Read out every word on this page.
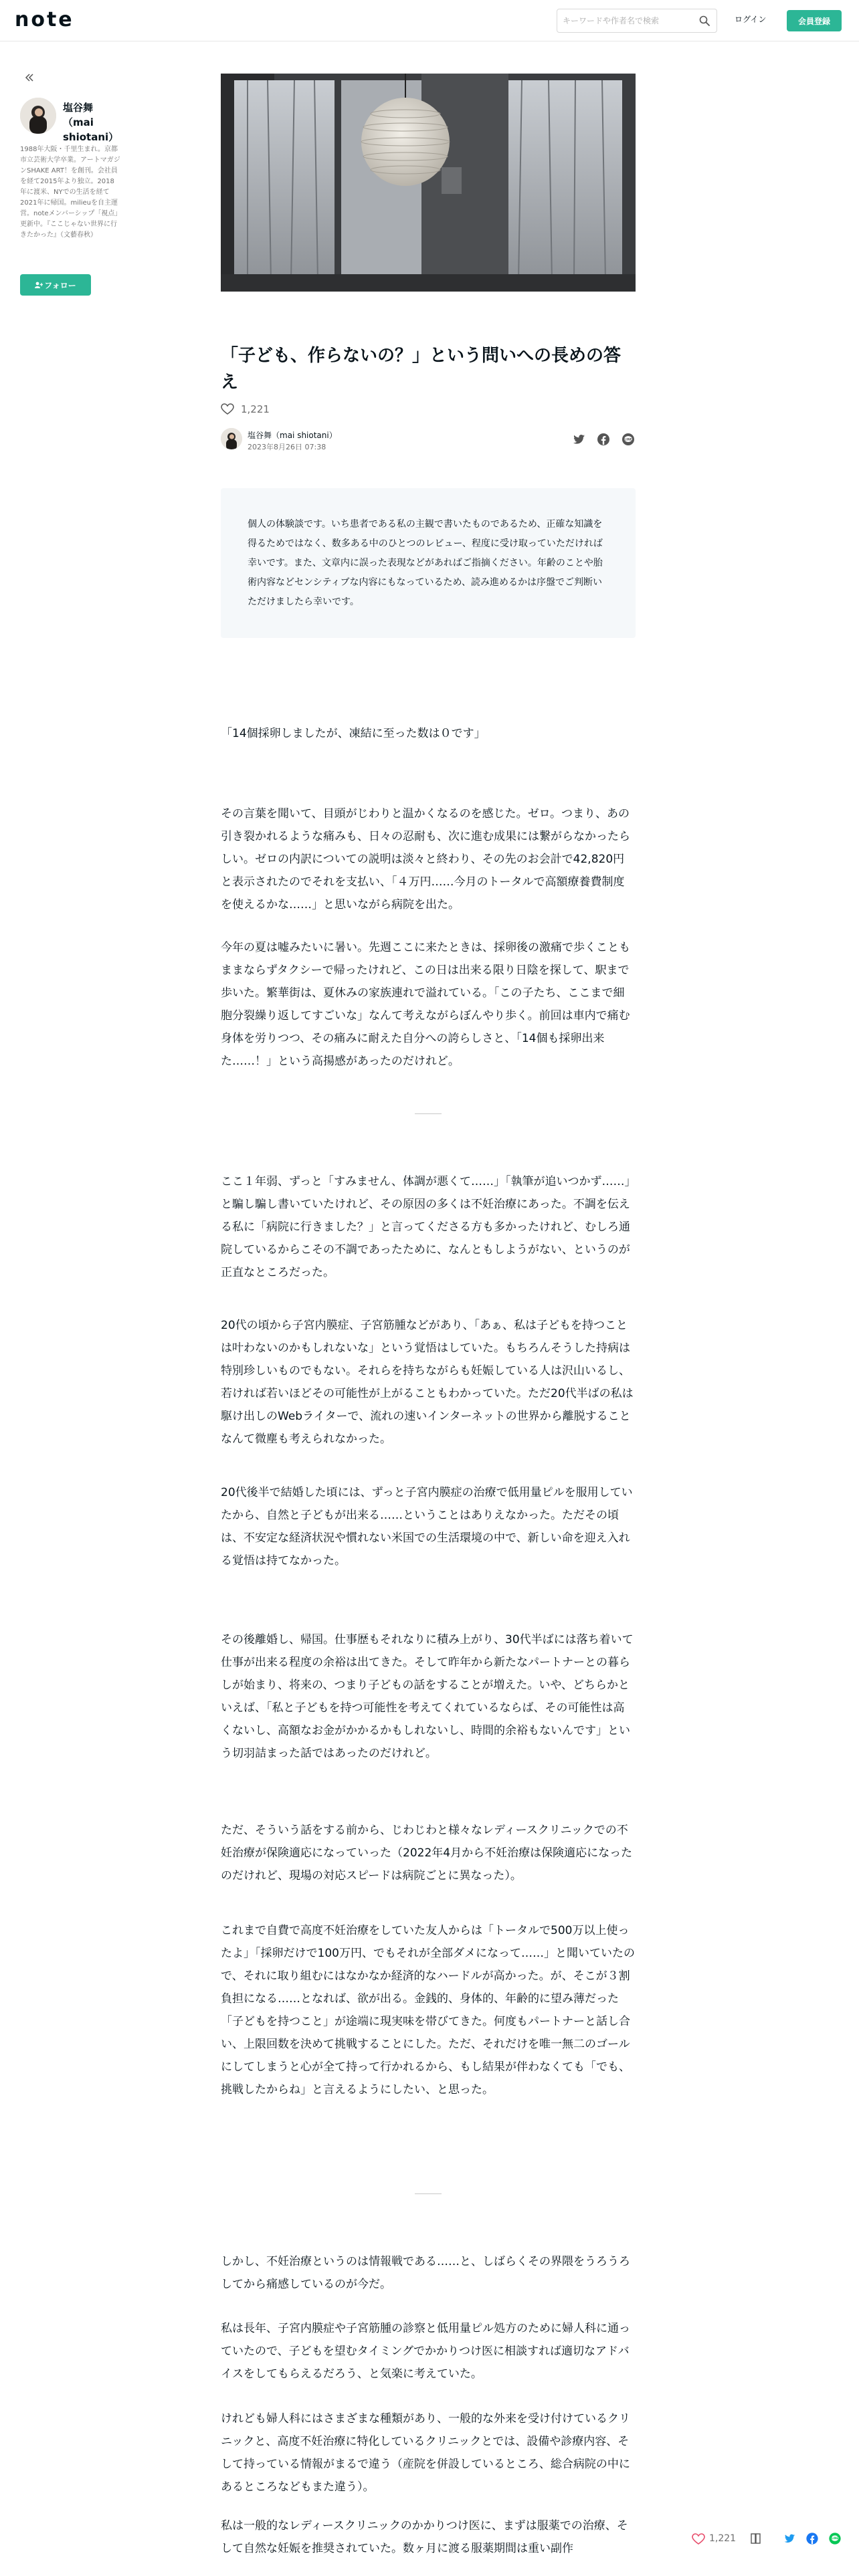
note
キーワードや作者名で検索	ログイン	会員登録
塩谷舞（mai shiotani）
1988年大阪・千里生まれ。京都市立芸術大学卒業。アートマガジンSHAKE ART！を創刊。会社員を経て2015年より独立。2018年に渡米、NYでの生活を経て2021年に帰国。milieuを自主運営。noteメンバーシップ「視点」更新中。『ここじゃない世界に行きたかった』（文藝春秋）
フォロー
「子ども、作らないの？」という問いへの長めの答え
1,221
塩谷舞（mai shiotani）
2023年8月26日 07:38

LINE
個人の体験談です。いち患者である私の主観で書いたものであるため、正確な知識を得るためではなく、数多ある中のひとつのレビュー、程度に受け取っていただければ幸いです。また、文章内に誤った表現などがあればご指摘ください。年齢のことや胎術内容などセンシティブな内容にもなっているため、読み進めるかは序盤でご判断いただけましたら幸いです。

「14個採卵しましたが、凍結に至った数は０です」

その言葉を聞いて、目頭がじわりと温かくなるのを感じた。ゼロ。つまり、あの引き裂かれるような痛みも、日々の忍耐も、次に進む成果には繋がらなかったらしい。ゼロの内訳についての説明は淡々と終わり、その先のお会計で42,820円と表示されたのでそれを支払い、「４万円……今月のトータルで高額療養費制度を使えるかな……」と思いながら病院を出た。

今年の夏は嘘みたいに暑い。先週ここに来たときは、採卵後の激痛で歩くこともままならずタクシーで帰ったけれど、この日は出来る限り日陰を探して、駅まで歩いた。繁華街は、夏休みの家族連れで溢れている。「この子たち、ここまで細胞分裂繰り返してすごいな」なんて考えながらぼんやり歩く。前回は車内で痛む身体を労りつつ、その痛みに耐えた自分への誇らしさと、「14個も採卵出来た……！」という高揚感があったのだけれど。

ここ１年弱、ずっと「すみません、体調が悪くて……」「執筆が追いつかず……」と騙し騙し書いていたけれど、その原因の多くは不妊治療にあった。不調を伝える私に「病院に行きました？」と言ってくださる方も多かったけれど、むしろ通院しているからこその不調であったために、なんともしようがない、というのが正直なところだった。

20代の頃から子宮内膜症、子宮筋腫などがあり、「あぁ、私は子どもを持つことは叶わないのかもしれないな」という覚悟はしていた。もちろんそうした持病は特別珍しいものでもない。それらを持ちながらも妊娠している人は沢山いるし、若ければ若いほどその可能性が上がることもわかっていた。ただ20代半ばの私は駆け出しのWebライターで、流れの速いインターネットの世界から離脱することなんて微塵も考えられなかった。

20代後半で結婚した頃には、ずっと子宮内膜症の治療で低用量ピルを服用していたから、自然と子どもが出来る……ということはありえなかった。ただその頃は、不安定な経済状況や慣れない米国での生活環境の中で、新しい命を迎え入れる覚悟は持てなかった。

その後離婚し、帰国。仕事歴もそれなりに積み上がり、30代半ばには落ち着いて仕事が出来る程度の余裕は出てきた。そして昨年から新たなパートナーとの暮らしが始まり、将来の、つまり子どもの話をすることが増えた。いや、どちらかといえば、「私と子どもを持つ可能性を考えてくれているならば、その可能性は高くないし、高額なお金がかかるかもしれないし、時間的余裕もないんです」という切羽詰まった話ではあったのだけれど。

ただ、そういう話をする前から、じわじわと様々なレディースクリニックでの不妊治療が保険適応になっていった（2022年4月から不妊治療は保険適応になったのだけれど、現場の対応スピードは病院ごとに異なった）。

これまで自費で高度不妊治療をしていた友人からは「トータルで500万以上使ったよ」「採卵だけで100万円、でもそれが全部ダメになって……」と聞いていたので、それに取り組むにはなかなか経済的なハードルが高かった。が、そこが３割負担になる……となれば、欲が出る。金銭的、身体的、年齢的に望み薄だった「子どもを持つこと」が途端に現実味を帯びてきた。何度もパートナーと話し合い、上限回数を決めて挑戦することにした。ただ、それだけを唯一無二のゴールにしてしまうと心が全て持って行かれるから、もし結果が伴わなくても「でも、挑戦したからね」と言えるようにしたい、と思った。

しかし、不妊治療というのは情報戦である……と、しばらくその界隈をうろうろしてから痛感しているのが今だ。

私は長年、子宮内膜症や子宮筋腫の診察と低用量ピル処方のために婦人科に通っていたので、子どもを望むタイミングでかかりつけ医に相談すれば適切なアドバイスをしてもらえるだろう、と気楽に考えていた。

けれども婦人科にはさまざまな種類があり、一般的な外来を受け付けているクリニックと、高度不妊治療に特化しているクリニックとでは、設備や診療内容、そして持っている情報がまるで違う（産院を併設しているところ、総合病院の中にあるところなどもまた違う）。

私は一般的なレディースクリニックのかかりつけ医に、まずは服薬での治療、そして自然な妊娠を推奨されていた。数ヶ月に渡る服薬期間は重い副作

1,221	LINE
